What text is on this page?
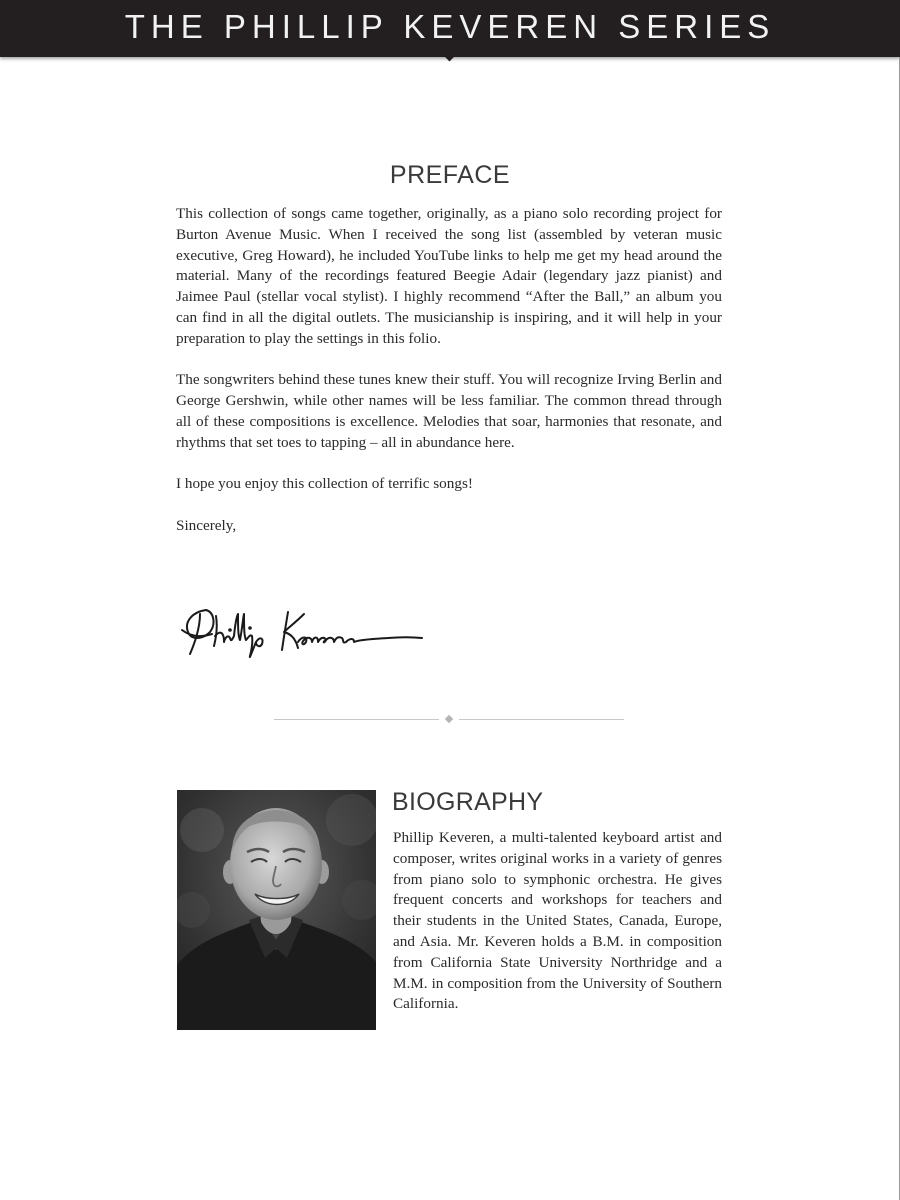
THE PHILLIP KEVEREN SERIES
PREFACE

This collection of songs came together, originally, as a piano solo recording project for Burton Avenue Music. When I received the song list (assembled by veteran music executive, Greg Howard), he included YouTube links to help me get my head around the material. Many of the recordings featured Beegie Adair (legendary jazz pianist) and Jaimee Paul (stellar vocal stylist). I highly recommend “After the Ball,” an album you can find in all the digital outlets. The musicianship is inspiring, and it will help in your preparation to play the settings in this folio.

The songwriters behind these tunes knew their stuff. You will recognize Irving Berlin and George Gershwin, while other names will be less familiar. The common thread through all of these compositions is excellence. Melodies that soar, harmonies that resonate, and rhythms that set toes to tapping – all in abundance here.

I hope you enjoy this collection of terrific songs!

Sincerely,

BIOGRAPHY
Phillip Keveren, a multi-talented keyboard artist and composer, writes original works in a variety of genres from piano solo to symphonic orchestra. He gives frequent concerts and workshops for teachers and their students in the United States, Canada, Europe, and Asia. Mr. Keveren holds a B.M. in composition from California State University Northridge and a M.M. in composition from the University of Southern California.
